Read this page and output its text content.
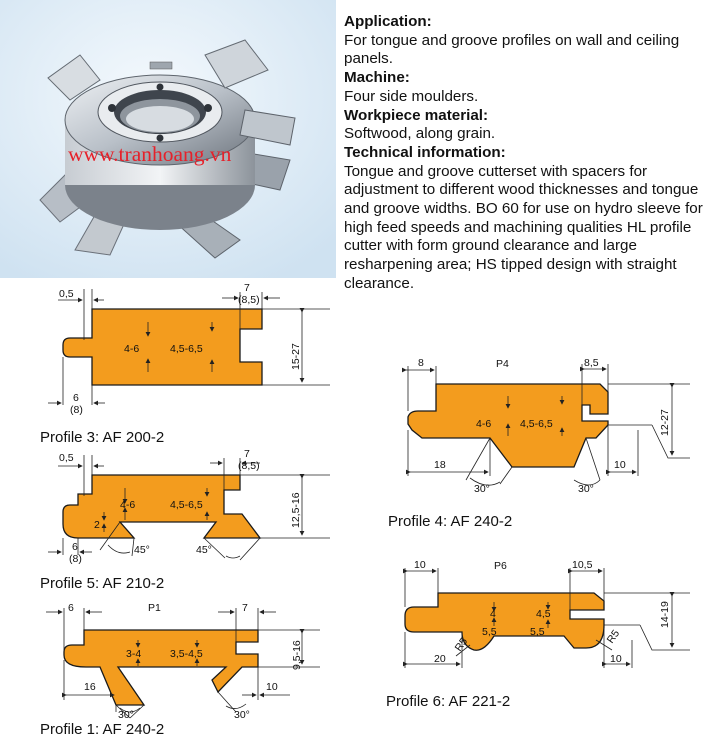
www.tranhoang.vn
Application:
For tongue and groove profiles on wall and ceiling panels.
Machine:
Four side moulders.
Workpiece material:
Softwood, along grain.
Technical information:
Tongue and groove cutterset with spacers for adjustment to different wood thicknesses and tongue and groove widths. BO 60 for use on hydro sleeve for high feed speeds and machining qualities HL profile cutter with form ground clearance and large resharpening area; HS tipped design with straight clearance.
0,5	7
(8,5)
4-6	4,5-6,5	15-27
6
(8)
Profile 3: AF 200-2
0,5	7
(8,5)
4-6	4,5-6,5
2	12,5-16
6
(8)
45°	45°
Profile 5: AF 210-2
6	P1	7
3-4	3,5-4,5	9,5-16
16	10
30°	30°
Profile 1: AF 240-2
8	P4	8,5
4-6	4,5-6,5	12-27
18	10
30°	30°
Profile 4: AF 240-2
10	P6	10,5
4	4,5
5,5	5,5
14-19
20	10
R5	R5
Profile 6: AF 221-2
